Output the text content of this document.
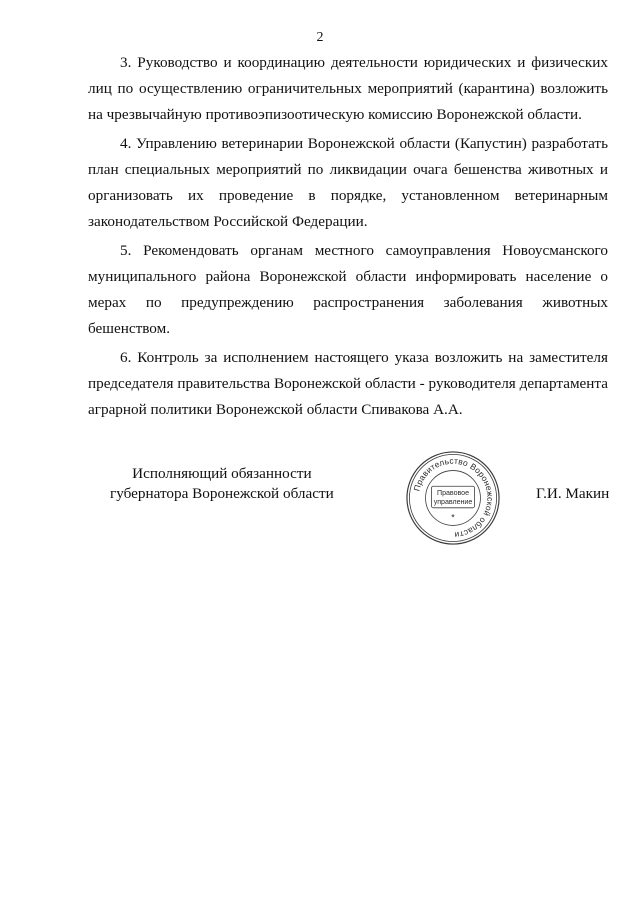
2

3. Руководство и координацию деятельности юридических и физических лиц по осуществлению ограничительных мероприятий (карантина) возложить на чрезвычайную противоэпизоотическую комиссию Воронежской области.

4. Управлению ветеринарии Воронежской области (Капустин) разработать план специальных мероприятий по ликвидации очага бешенства животных и организовать их проведение в порядке, установленном ветеринарным законодательством Российской Федерации.

5. Рекомендовать органам местного самоуправления Новоусманского муниципального района Воронежской области информировать население о мерах по предупреждению распространения заболевания животных бешенством.

6. Контроль за исполнением настоящего указа возложить на заместителя председателя правительства Воронежской области - руководителя департамента аграрной политики Воронежской области Спивакова А.А.

Исполняющий обязанности
губернатора Воронежской области	Правительство Воронежской области
Правовое
управление
*
Г.И. Макин
